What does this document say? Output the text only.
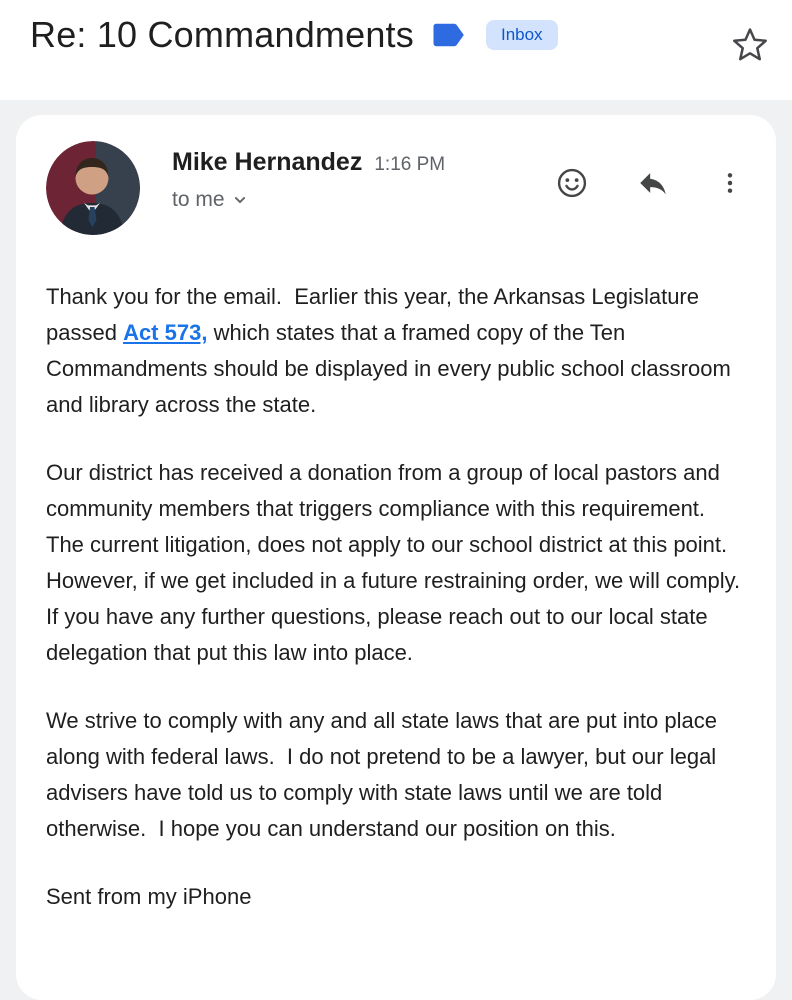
Re: 10 Commandments	Inbox
Mike Hernandez 1:16 PM
to me

Thank you for the email.  Earlier this year, the Arkansas Legislature passed Act 573, which states that a framed copy of the Ten Commandments should be displayed in every public school classroom and library across the state.

Our district has received a donation from a group of local pastors and community members that triggers compliance with this requirement.  The current litigation, does not apply to our school district at this point.  However, if we get included in a future restraining order, we will comply.  If you have any further questions, please reach out to our local state delegation that put this law into place.

We strive to comply with any and all state laws that are put into place along with federal laws.  I do not pretend to be a lawyer, but our legal advisers have told us to comply with state laws until we are told otherwise.  I hope you can understand our position on this.

Sent from my iPhone
